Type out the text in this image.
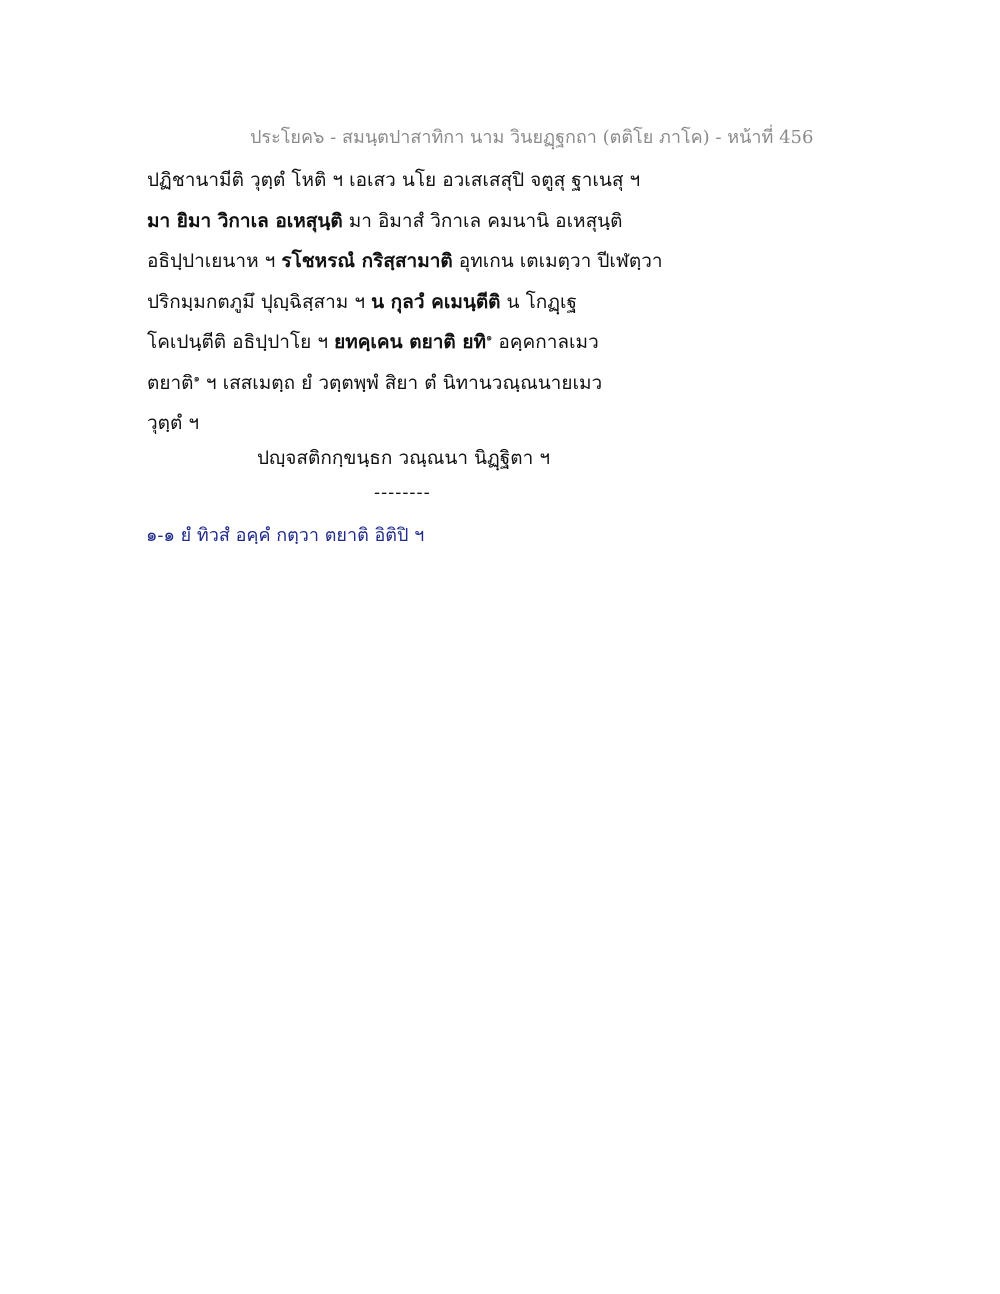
ประโยค๖ - สมนฺตปาสาทิกา นาม วินยฏฺฐกถา (ตติโย ภาโค) - หน้าที่ 456
ปฏิชานามีติ วุตฺตํ โหติ ฯ เอเสว นโย อวเสเสสุปิ จตูสุ ฐาเนสุ ฯ
มา ยิมา วิกาเล อเหสุนฺติ มา อิมาสํ วิกาเล คมนานิ อเหสุนฺติ
อธิปฺปาเยนาห ฯ รโชหรณํ กริสฺสามาติ อุทเกน เตเมตฺวา ปีเฬตฺวา
ปริกมฺมกตภูมึ ปุญฺฉิสฺสาม ฯ น กุลวํ คเมนฺตีติ น โกฏฺเฐ
โคเปนฺตีติ อธิปฺปาโย ฯ ยทคฺเคน ตยาติ ยทิ$^๑$ อคฺคกาลเมว
ตยาติ$^๑$ ฯ เสสเมตฺถ ยํ วตฺตพฺพํ สิยา ตํ นิทานวณฺณนายเมว
วุตฺตํ ฯ
ปญฺจสติกกฺขนฺธก วณฺณนา นิฏฺฐิตา ฯ
--------
๑-๑ ยํ ทิวสํ อคฺคํ กตฺวา ตยาติ อิติปิ ฯ
